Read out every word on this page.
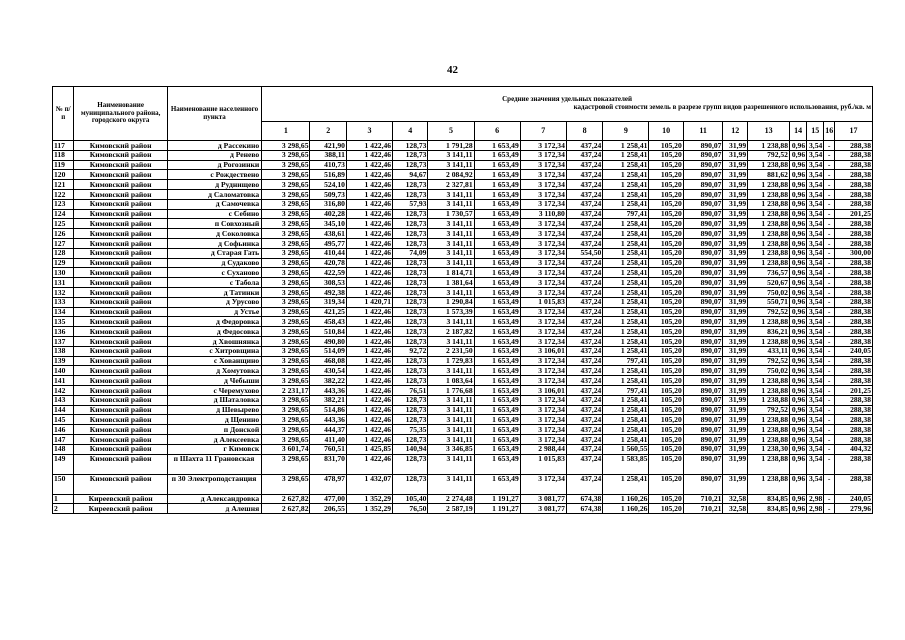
42
№ п/п	Наименование муниципального района, городского округа	Наименование населенного пункта	Средние значения удельных показателей
кадастровой стоимости земель в разрезе групп видов разрешенного использования, руб./кв. м																

			1	2	3	4	5	6	7	8	9	10	11	12	13	14	15	16	17
117	Кимовский район	д Рассекино	3 298,65	421,90	1 422,46	128,73	1 791,28	1 653,49	3 172,34	437,24	1 258,41	105,20	890,07	31,99	1 238,88	0,96	3,54	-	288,38
118	Кимовский район	д Ренево	3 298,65	388,11	1 422,46	128,73	3 141,11	1 653,49	3 172,34	437,24	1 258,41	105,20	890,07	31,99	792,52	0,96	3,54	-	288,38
119	Кимовский район	д Рогозинки	3 298,65	410,73	1 422,46	128,73	3 141,11	1 653,49	3 172,34	437,24	1 258,41	105,20	890,07	31,99	1 238,88	0,96	3,54	-	288,38
120	Кимовский район	с Рождествено	3 298,65	516,89	1 422,46	94,67	2 084,92	1 653,49	3 172,34	437,24	1 258,41	105,20	890,07	31,99	881,62	0,96	3,54	-	288,38
121	Кимовский район	д Руднищево	3 298,65	524,10	1 422,46	128,73	2 327,81	1 653,49	3 172,34	437,24	1 258,41	105,20	890,07	31,99	1 238,88	0,96	3,54	-	288,38
122	Кимовский район	д Саломатовка	3 298,65	509,73	1 422,46	128,73	3 141,11	1 653,49	3 172,34	437,24	1 258,41	105,20	890,07	31,99	1 238,88	0,96	3,54	-	288,38
123	Кимовский район	д Самочевка	3 298,65	316,80	1 422,46	57,93	3 141,11	1 653,49	3 172,34	437,24	1 258,41	105,20	890,07	31,99	1 238,88	0,96	3,54	-	288,38
124	Кимовский район	с Себино	3 298,65	402,28	1 422,46	128,73	1 730,57	1 653,49	3 110,80	437,24	797,41	105,20	890,07	31,99	1 238,88	0,96	3,54	-	201,25
125	Кимовский район	п Совхозный	3 298,65	345,10	1 422,46	128,73	3 141,11	1 653,49	3 172,34	437,24	1 258,41	105,20	890,07	31,99	1 238,88	0,96	3,54	-	288,38
126	Кимовский район	д Соколовка	3 298,65	438,61	1 422,46	128,73	3 141,11	1 653,49	3 172,34	437,24	1 258,41	105,20	890,07	31,99	1 238,88	0,96	3,54	-	288,38
127	Кимовский район	д Софьинка	3 298,65	495,77	1 422,46	128,73	3 141,11	1 653,49	3 172,34	437,24	1 258,41	105,20	890,07	31,99	1 238,88	0,96	3,54	-	288,38
128	Кимовский район	д Старая Гать	3 298,65	410,44	1 422,46	74,09	3 141,11	1 653,49	3 172,34	554,50	1 258,41	105,20	890,07	31,99	1 238,88	0,96	3,54	-	300,00
129	Кимовский район	д Судаково	3 298,65	420,78	1 422,46	128,73	3 141,11	1 653,49	3 172,34	437,24	1 258,41	105,20	890,07	31,99	1 238,88	0,96	3,54	-	288,38
130	Кимовский район	с Суханово	3 298,65	422,59	1 422,46	128,73	1 814,71	1 653,49	3 172,34	437,24	1 258,41	105,20	890,07	31,99	736,57	0,96	3,54	-	288,38
131	Кимовский район	с Табола	3 298,65	308,53	1 422,46	128,73	1 381,64	1 653,49	3 172,34	437,24	1 258,41	105,20	890,07	31,99	520,67	0,96	3,54	-	288,38
132	Кимовский район	д Татинки	3 298,65	492,38	1 422,46	128,73	3 141,11	1 653,49	3 172,34	437,24	1 258,41	105,20	890,07	31,99	750,02	0,96	3,54	-	288,38
133	Кимовский район	д Урусово	3 298,65	319,34	1 420,71	128,73	1 290,84	1 653,49	1 015,83	437,24	1 258,41	105,20	890,07	31,99	550,71	0,96	3,54	-	288,38
134	Кимовский район	д Устье	3 298,65	421,25	1 422,46	128,73	1 573,39	1 653,49	3 172,34	437,24	1 258,41	105,20	890,07	31,99	792,52	0,96	3,54	-	288,38
135	Кимовский район	д Федоровка	3 298,65	458,43	1 422,46	128,73	3 141,11	1 653,49	3 172,34	437,24	1 258,41	105,20	890,07	31,99	1 238,88	0,96	3,54	-	288,38
136	Кимовский район	д Федосовка	3 298,65	510,84	1 422,46	128,73	2 187,82	1 653,49	3 172,34	437,24	1 258,41	105,20	890,07	31,99	836,21	0,96	3,54	-	288,38
137	Кимовский район	д Хвошнянка	3 298,65	490,80	1 422,46	128,73	3 141,11	1 653,49	3 172,34	437,24	1 258,41	105,20	890,07	31,99	1 238,88	0,96	3,54	-	288,38
138	Кимовский район	с Хитровщина	3 298,65	514,09	1 422,46	92,72	2 231,50	1 653,49	3 106,01	437,24	1 258,41	105,20	890,07	31,99	433,11	0,96	3,54	-	240,05
139	Кимовский район	с Хованщино	3 298,65	468,08	1 422,46	128,73	1 729,83	1 653,49	3 172,34	437,24	797,41	105,20	890,07	31,99	792,52	0,96	3,54	-	288,38
140	Кимовский район	д Хомутовка	3 298,65	430,54	1 422,46	128,73	3 141,11	1 653,49	3 172,34	437,24	1 258,41	105,20	890,07	31,99	750,02	0,96	3,54	-	288,38
141	Кимовский район	д Чебыши	3 298,65	382,22	1 422,46	128,73	1 083,64	1 653,49	3 172,34	437,24	1 258,41	105,20	890,07	31,99	1 238,88	0,96	3,54	-	288,38
142	Кимовский район	с Черемухово	2 231,17	443,36	1 422,46	76,51	1 776,68	1 653,49	3 106,01	437,24	797,41	105,20	890,07	31,99	1 238,88	0,96	3,54	-	201,25
143	Кимовский район	д Шаталовка	3 298,65	382,21	1 422,46	128,73	3 141,11	1 653,49	3 172,34	437,24	1 258,41	105,20	890,07	31,99	1 238,88	0,96	3,54	-	288,38
144	Кимовский район	д Шевырево	3 298,65	514,86	1 422,46	128,73	3 141,11	1 653,49	3 172,34	437,24	1 258,41	105,20	890,07	31,99	792,52	0,96	3,54	-	288,38
145	Кимовский район	д Щенино	3 298,65	443,36	1 422,46	128,73	3 141,11	1 653,49	3 172,34	437,24	1 258,41	105,20	890,07	31,99	1 238,88	0,96	3,54	-	288,38
146	Кимовский район	п Донской	3 298,65	444,37	1 422,46	75,35	3 141,11	1 653,49	3 172,34	437,24	1 258,41	105,20	890,07	31,99	1 238,88	0,96	3,54	-	288,38
147	Кимовский район	д Алексеевка	3 298,65	411,40	1 422,46	128,73	3 141,11	1 653,49	3 172,34	437,24	1 258,41	105,20	890,07	31,99	1 238,88	0,96	3,54	-	288,38
148	Кимовский район	г Кимовск	3 601,74	760,51	1 425,85	140,94	3 346,85	1 653,49	2 988,44	437,24	1 560,55	105,20	890,07	31,99	1 238,30	0,96	3,54	-	404,32
149	Кимовский район	п Шахта 11 Грановская	3 298,65	831,70	1 422,46	128,73	3 141,11	1 653,49	1 015,83	437,24	1 583,85	105,20	890,07	31,99	1 238,88	0,96	3,54	-	288,38
150	Кимовский район	п 30 Электроподстанция	3 298,65	478,97	1 432,07	128,73	3 141,11	1 653,49	3 172,34	437,24	1 258,41	105,20	890,07	31,99	1 238,88	0,96	3,54	-	288,38
1	Киреевский район	д Александровка	2 627,82	477,00	1 352,29	105,40	2 274,48	1 191,27	3 081,77	674,38	1 160,26	105,20	710,21	32,58	834,85	0,96	2,98	-	240,05
2	Киреевский район	д Алешня	2 627,82	206,55	1 352,29	76,50	2 587,19	1 191,27	3 081,77	674,38	1 160,26	105,20	710,21	32,58	834,85	0,96	2,98	-	279,96
